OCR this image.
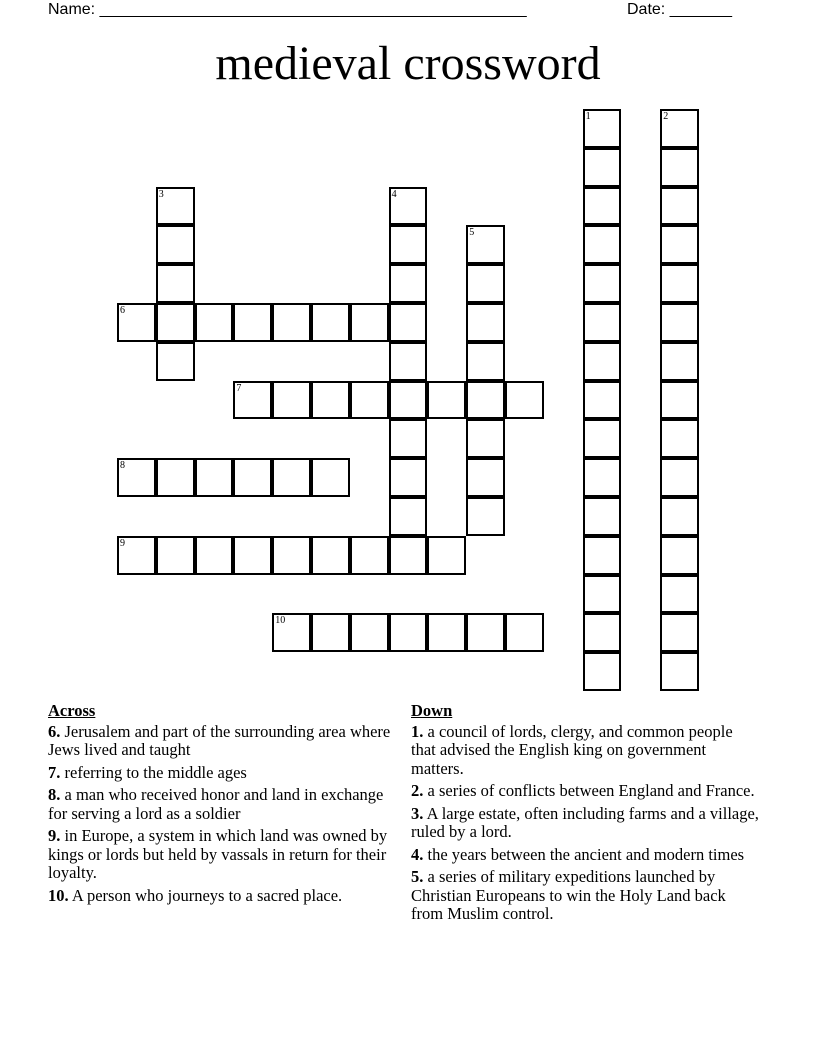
Name: ________________________________________________	Date: _______
medieval crossword
1	2
3	4
5
6
7
8
9
10
Across
6. Jerusalem and part of the surrounding area where Jews lived and taught
7. referring to the middle ages
8. a man who received honor and land in exchange for serving a lord as a soldier
9. in Europe, a system in which land was owned by kings or lords but held by vassals in return for their loyalty.
10. A person who journeys to a sacred place.
Down
1. a council of lords, clergy, and common people that advised the English king on government matters.
2. a series of conflicts between England and France.
3. A large estate, often including farms and a village, ruled by a lord.
4. the years between the ancient and modern times
5. a series of military expeditions launched by Christian Europeans to win the Holy Land back from Muslim control.
